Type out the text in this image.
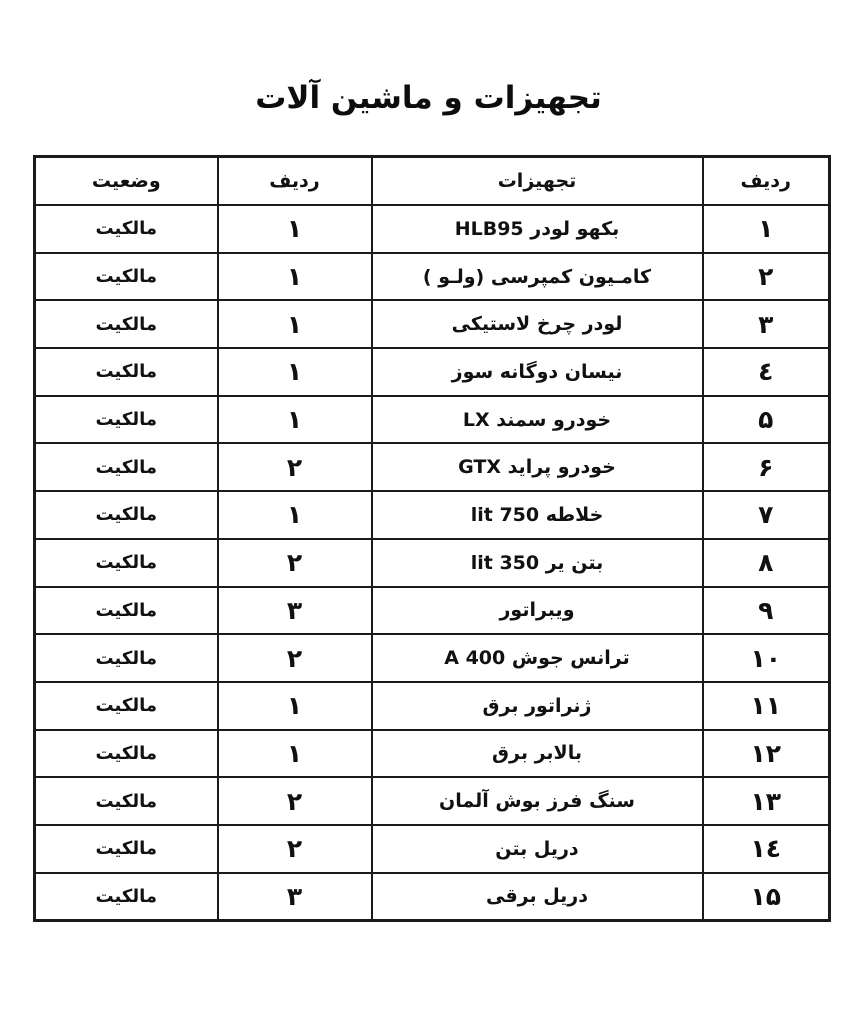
تجهیزات و ماشین آلات
ردیف	تجهیزات	ردیف	وضعیت
۱	بکهو لودر HLB95	۱	مالکیت
۲	کامـیون کمپرسی (ولـو )	۱	مالکیت
۳	لودر چرخ لاستیکی	۱	مالکیت
٤	نیسان دوگانه سوز	۱	مالکیت
۵	خودرو سمند LX	۱	مالکیت
۶	خودرو پراید GTX	۲	مالکیت
۷	خلاطه 750 lit	۱	مالکیت
۸	بتن یر 350 lit	۲	مالکیت
۹	ویبراتور	۳	مالکیت
۱۰	ترانس جوش 400 A	۲	مالکیت
۱۱	ژنراتور برق	۱	مالکیت
۱۲	بالابر برق	۱	مالکیت
۱۳	سنگ فرز بوش آلمان	۲	مالکیت
١٤	دریل بتن	۲	مالکیت
۱۵	دریل برقی	۳	مالکیت
